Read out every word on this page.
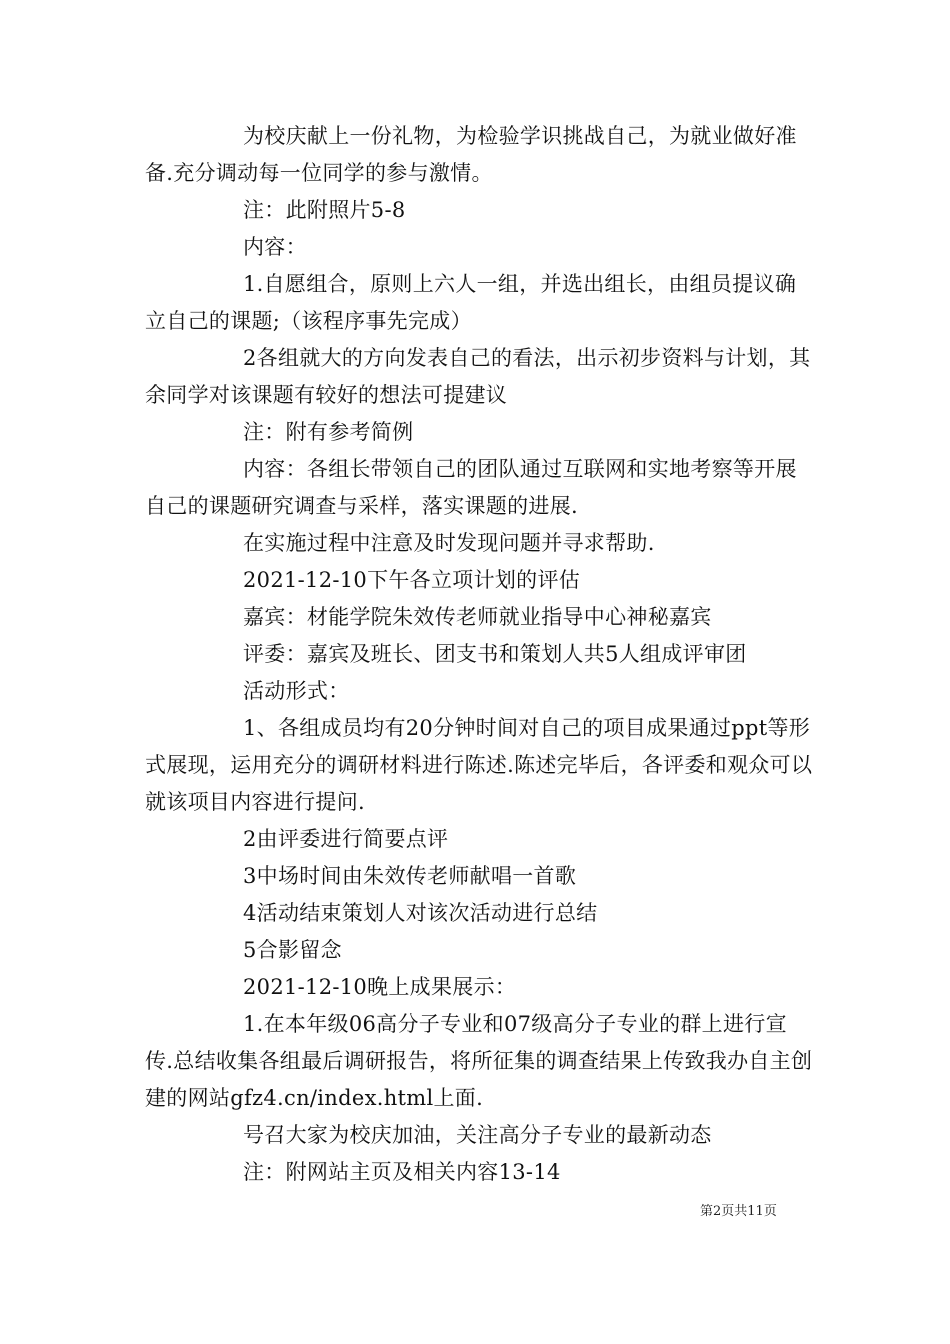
为校庆献上一份礼物，为检验学识挑战自己，为就业做好准备.充分调动每一位同学的参与激情。

注：此附照片5-8

内容：

1.自愿组合，原则上六人一组，并选出组长，由组员提议确立自己的课题;（该程序事先完成）

2各组就大的方向发表自己的看法，出示初步资料与计划，其余同学对该课题有较好的想法可提建议

注：附有参考简例

内容：各组长带领自己的团队通过互联网和实地考察等开展自己的课题研究调查与采样，落实课题的进展.

在实施过程中注意及时发现问题并寻求帮助.

2021-12-10下午各立项计划的评估

嘉宾：材能学院朱效传老师就业指导中心神秘嘉宾

评委：嘉宾及班长、团支书和策划人共5人组成评审团

活动形式：

1、各组成员均有20分钟时间对自己的项目成果通过ppt等形式展现，运用充分的调研材料进行陈述.陈述完毕后，各评委和观众可以就该项目内容进行提问.

2由评委进行简要点评

3中场时间由朱效传老师献唱一首歌

4活动结束策划人对该次活动进行总结

5合影留念

2021-12-10晚上成果展示：

1.在本年级06高分子专业和07级高分子专业的群上进行宣传.总结收集各组最后调研报告，将所征集的调查结果上传致我办自主创建的网站gfz4.cn/index.html上面.

号召大家为校庆加油，关注高分子专业的最新动态

注：附网站主页及相关内容13-14

第2页共11页
